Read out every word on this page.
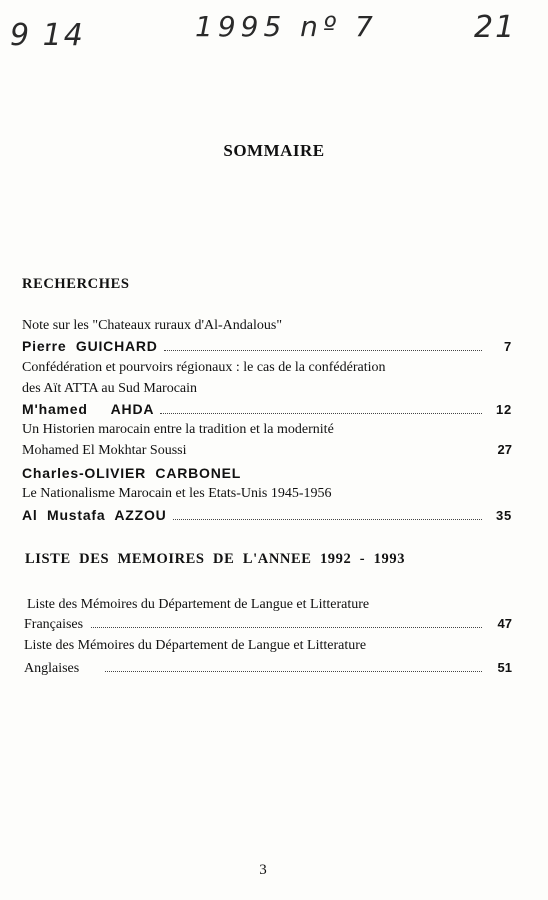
9 14	1995 nº 7	21
SOMMAIRE
RECHERCHES
Note sur les "Chateaux ruraux d'Al-Andalous"
Pierre  GUICHARD	7
Confédération et pourvoirs régionaux : le cas de la confédération
des Aït ATTA au Sud Marocain
M'hamed     AHDA	12
Un Historien marocain entre la tradition et la modernité
Mohamed El Mokhtar Soussi	27
Charles-OLIVIER  CARBONEL
Le Nationalisme Marocain et les Etats-Unis 1945-1956
Al  Mustafa  AZZOU	35
LISTE  DES  MEMOIRES  DE  L'ANNEE  1992  -  1993
Liste des Mémoires du Département de Langue et Litterature
Françaises	47
Liste des Mémoires du Département de Langue et Litterature
Anglaises	51
3
